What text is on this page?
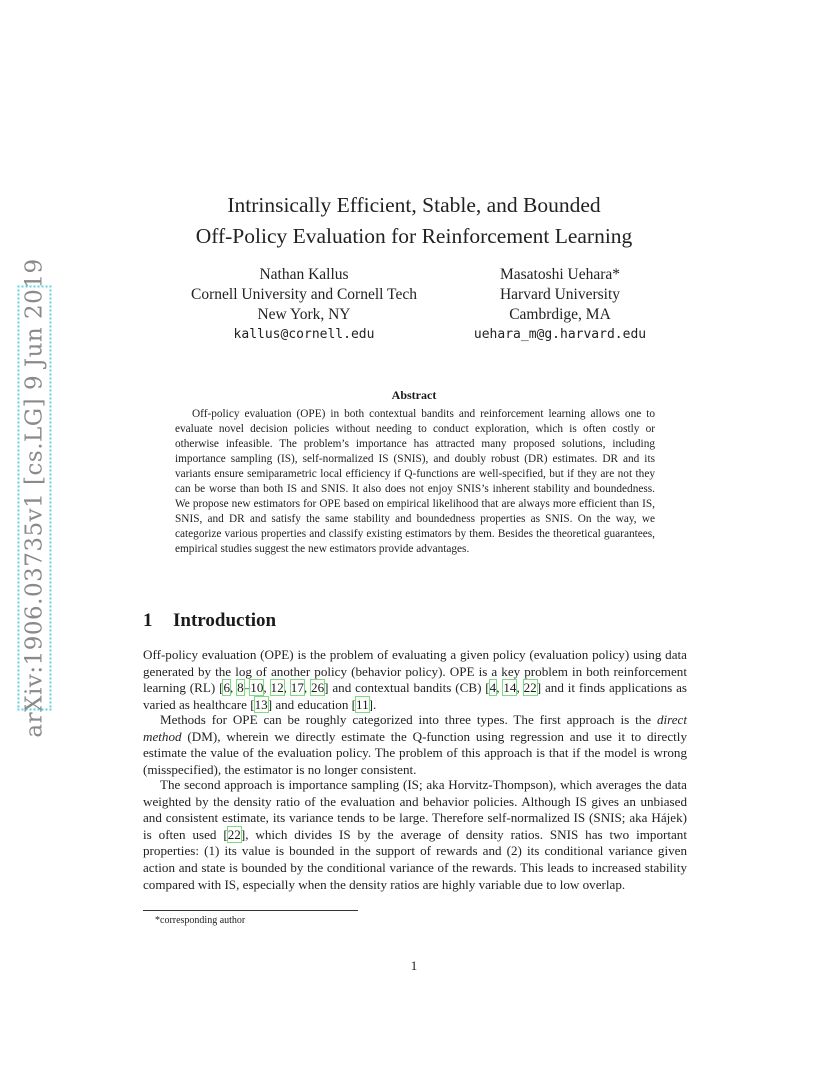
arXiv:1906.03735v1 [cs.LG] 9 Jun 2019
Intrinsically Efficient, Stable, and Bounded
Off-Policy Evaluation for Reinforcement Learning
Nathan Kallus
Cornell University and Cornell Tech
New York, NY
kallus@cornell.edu
Masatoshi Uehara*
Harvard University
Cambrdige, MA
uehara_m@g.harvard.edu
Abstract

Off-policy evaluation (OPE) in both contextual bandits and reinforcement learning allows one to evaluate novel decision policies without needing to conduct exploration, which is often costly or otherwise infeasible. The problem’s importance has attracted many proposed solutions, including importance sampling (IS), self-normalized IS (SNIS), and doubly robust (DR) estimates. DR and its variants ensure semiparametric local efficiency if Q-functions are well-specified, but if they are not they can be worse than both IS and SNIS. It also does not enjoy SNIS’s inherent stability and boundedness. We propose new estimators for OPE based on empirical likelihood that are always more efficient than IS, SNIS, and DR and satisfy the same stability and boundedness properties as SNIS. On the way, we categorize various properties and classify existing estimators by them. Besides the theoretical guarantees, empirical studies suggest the new estimators provide advantages.

1 Introduction

Off-policy evaluation (OPE) is the problem of evaluating a given policy (evaluation policy) using data generated by the log of another policy (behavior policy). OPE is a key problem in both reinforcement learning (RL) [6, 8–10, 12, 17, 26] and contextual bandits (CB) [4, 14, 22] and it finds applications as varied as healthcare [13] and education [11].

Methods for OPE can be roughly categorized into three types. The first approach is the direct method (DM), wherein we directly estimate the Q-function using regression and use it to directly estimate the value of the evaluation policy. The problem of this approach is that if the model is wrong (misspecified), the estimator is no longer consistent.

The second approach is importance sampling (IS; aka Horvitz-Thompson), which averages the data weighted by the density ratio of the evaluation and behavior policies. Although IS gives an unbiased and consistent estimate, its variance tends to be large. Therefore self-normalized IS (SNIS; aka Hájek) is often used [22], which divides IS by the average of density ratios. SNIS has two important properties: (1) its value is bounded in the support of rewards and (2) its conditional variance given action and state is bounded by the conditional variance of the rewards. This leads to increased stability compared with IS, especially when the density ratios are highly variable due to low overlap.

*corresponding author
1
